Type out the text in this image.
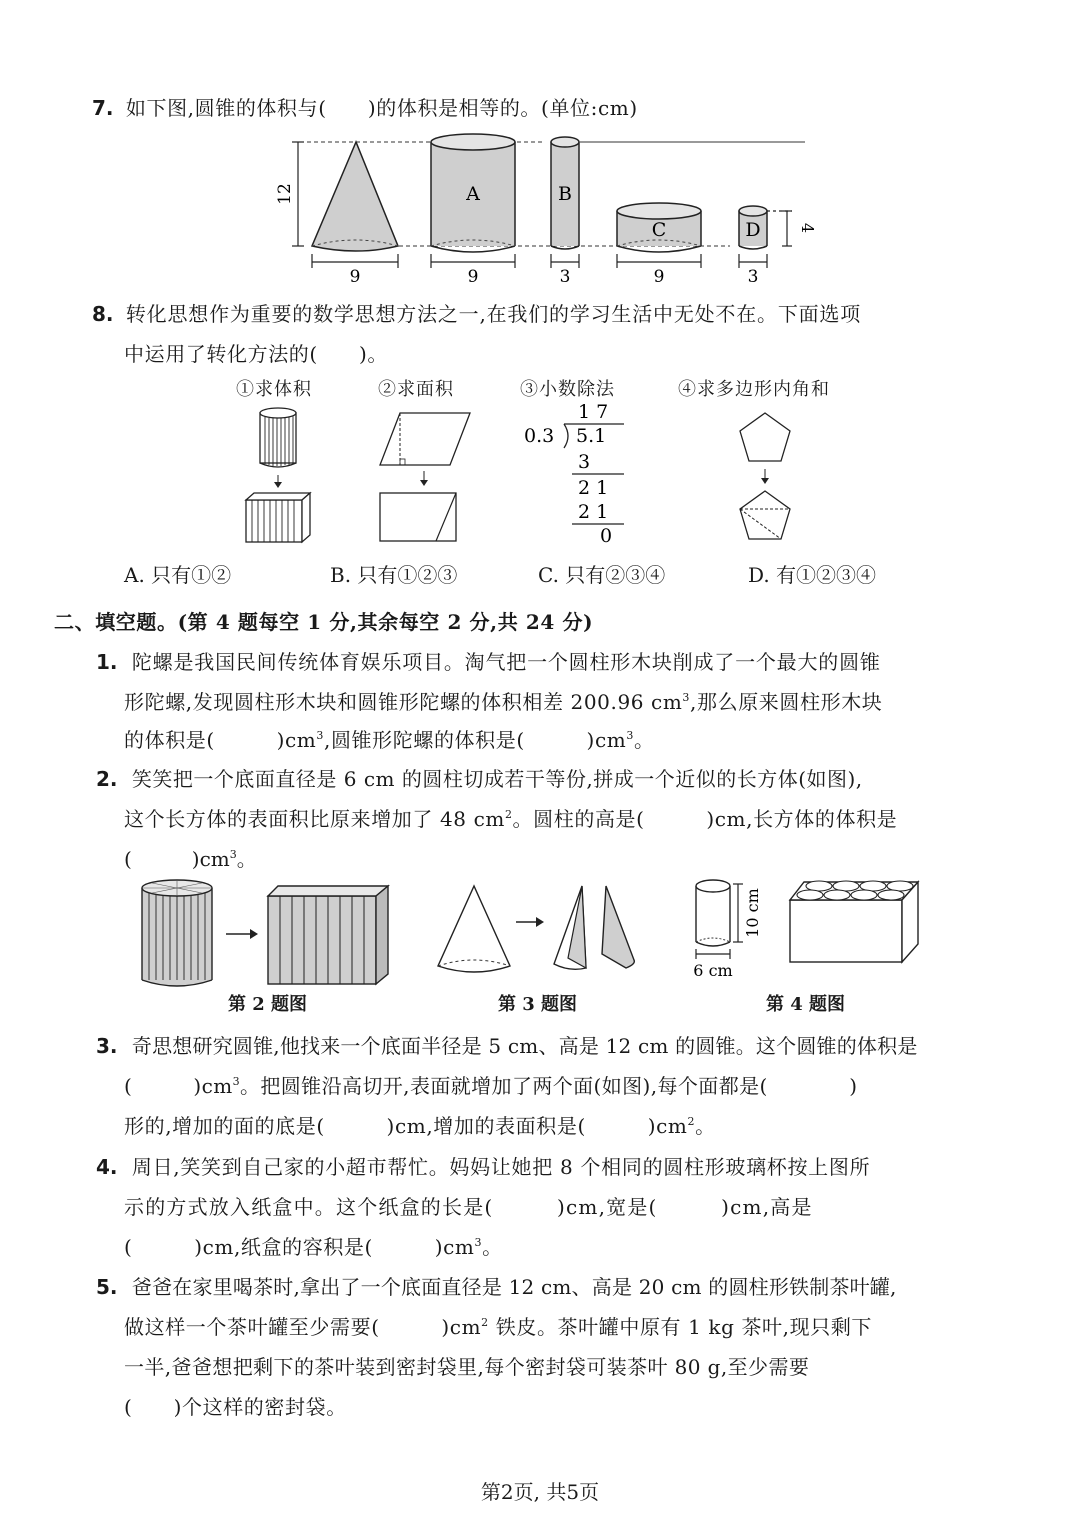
7. 如下图,圆锥的体积与(　　)的体积是相等的。(单位:cm)
12	A	B
C	D 4
9	9	3	9	3
8. 转化思想作为重要的数学思想方法之一,在我们的学习生活中无处不在。下面选项
中运用了转化方法的(　　)。
①求体积	②求面积	③小数除法	④求多边形内角和
1 7
0.3 5.1
3
2 1
2 1
0
A. 只有①②	B. 只有①②③	C. 只有②③④	D. 有①②③④
二、填空题。(第 4 题每空 1 分,其余每空 2 分,共 24 分)
1. 陀螺是我国民间传统体育娱乐项目。淘气把一个圆柱形木块削成了一个最大的圆锥
形陀螺,发现圆柱形木块和圆锥形陀螺的体积相差 200.96 $cm^3$,那么原来圆柱形木块
的体积是(　　　)$cm^3$,圆锥形陀螺的体积是(　　　)$cm^3$。
2. 笑笑把一个底面直径是 6 cm 的圆柱切成若干等份,拼成一个近似的长方体(如图),
这个长方体的表面积比原来增加了 48 $cm^2$。圆柱的高是(　　　)cm,长方体的体积是
(　　　)$cm^3$。
10 cm
6 cm
第 2 题图	第 3 题图	第 4 题图
3. 奇思想研究圆锥,他找来一个底面半径是 5 cm、高是 12 cm 的圆锥。这个圆锥的体积是
(　　　)$cm^3$。把圆锥沿高切开,表面就增加了两个面(如图),每个面都是(　　　　)
形的,增加的面的底是(　　　)cm,增加的表面积是(　　　)$cm^2$。
4. 周日,笑笑到自己家的小超市帮忙。妈妈让她把 8 个相同的圆柱形玻璃杯按上图所
示的方式放入纸盒中。这个纸盒的长是(　　　)cm,宽是(　　　)cm,高是
(　　　)cm,纸盒的容积是(　　　)$cm^3$。
5. 爸爸在家里喝茶时,拿出了一个底面直径是 12 cm、高是 20 cm 的圆柱形铁制茶叶罐,
做这样一个茶叶罐至少需要(　　　)$cm^2$ 铁皮。茶叶罐中原有 1 kg 茶叶,现只剩下
一半,爸爸想把剩下的茶叶装到密封袋里,每个密封袋可装茶叶 80 g,至少需要
(　　)个这样的密封袋。
第2页, 共5页
